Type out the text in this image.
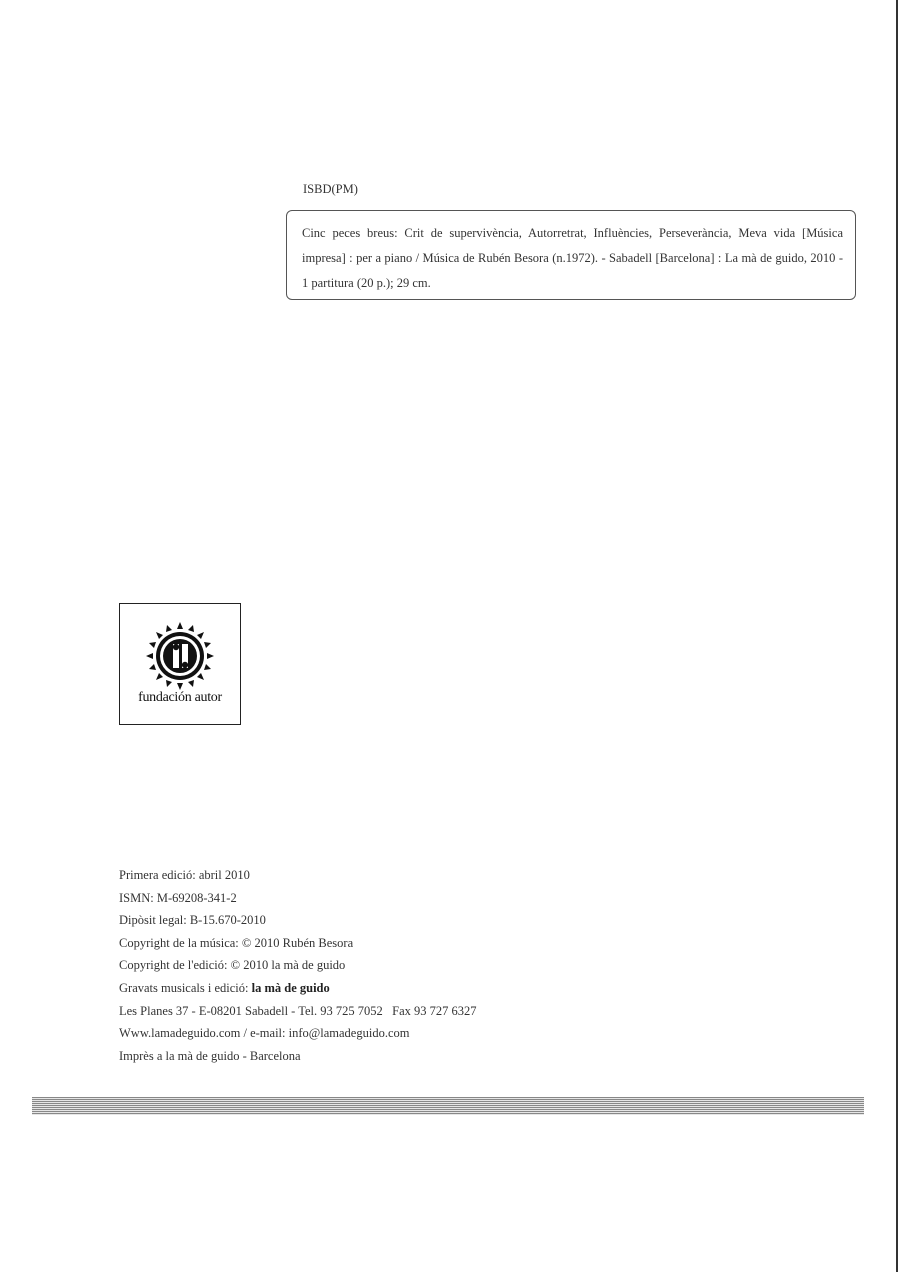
ISBD(PM)

Cinc peces breus: Crit de supervivència, Autorretrat, Influències, Perseverància, Meva vida [Música impresa] : per a piano / Música de Rubén Besora (n.1972). - Sabadell [Barcelona] : La mà de guido, 2010 - 1 partitura (20 p.); 29 cm.

fundación autor
Primera edició: abril 2010
ISMN: M-69208-341-2
Dipòsit legal: B-15.670-2010
Copyright de la música: © 2010 Rubén Besora
Copyright de l'edició: © 2010 la mà de guido
Gravats musicals i edició: la mà de guido
Les Planes 37 - E-08201 Sabadell - Tel. 93 725 7052   Fax 93 727 6327
Www.lamadeguido.com / e-mail: info@lamadeguido.com
Imprès a la mà de guido - Barcelona
